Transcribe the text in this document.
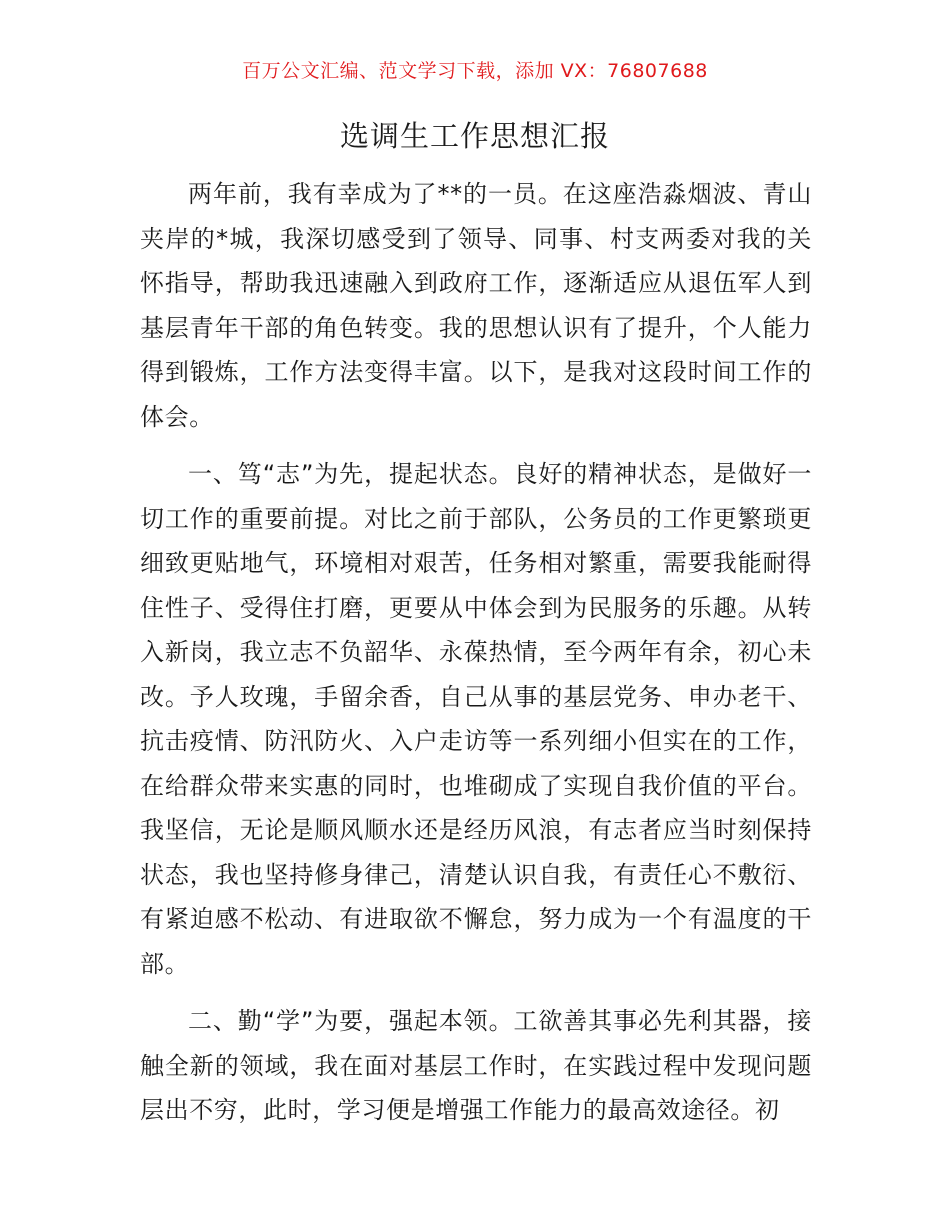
百万公文汇编、范文学习下载，添加 VX：76807688
选调生工作思想汇报

两年前，我有幸成为了**的一员。在这座浩淼烟波、青山夹岸的*城，我深切感受到了领导、同事、村支两委对我的关怀指导，帮助我迅速融入到政府工作，逐渐适应从退伍军人到基层青年干部的角色转变。我的思想认识有了提升，个人能力得到锻炼，工作方法变得丰富。以下，是我对这段时间工作的体会。

一、笃“志”为先，提起状态。良好的精神状态，是做好一切工作的重要前提。对比之前于部队，公务员的工作更繁琐更细致更贴地气，环境相对艰苦，任务相对繁重，需要我能耐得住性子、受得住打磨，更要从中体会到为民服务的乐趣。从转入新岗，我立志不负韶华、永葆热情，至今两年有余，初心未改。予人玫瑰，手留余香，自己从事的基层党务、申办老干、抗击疫情、防汛防火、入户走访等一系列细小但实在的工作，在给群众带来实惠的同时，也堆砌成了实现自我价值的平台。我坚信，无论是顺风顺水还是经历风浪，有志者应当时刻保持状态，我也坚持修身律己，清楚认识自我，有责任心不敷衍、有紧迫感不松动、有进取欲不懈怠，努力成为一个有温度的干部。

二、勤“学”为要，强起本领。工欲善其事必先利其器，接触全新的领域，我在面对基层工作时，在实践过程中发现问题层出不穷，此时，学习便是增强工作能力的最高效途径。初
